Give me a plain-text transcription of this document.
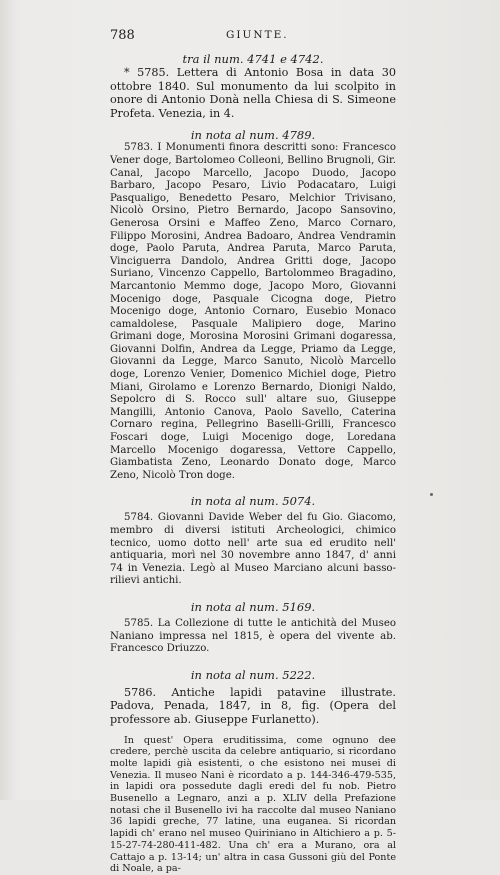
788	GIUNTE.
tra il num. 4741 e 4742.

* 5785. Lettera di Antonio Bosa in data 30 ottobre 1840. Sul monumento da lui scolpito in onore di Antonio Donà nella Chiesa di S. Simeone Profeta. Venezia, in 4.

in nota al num. 4789.

5783. I Monumenti finora descritti sono: Francesco Vener doge, Bartolomeo Colleoni, Bellino Brugnoli, Gir. Canal, Jacopo Marcello, Jacopo Duodo, Jacopo Barbaro, Jacopo Pesaro, Livio Podacataro, Luigi Pasqualigo, Benedetto Pesaro, Melchior Trivisano, Nicolò Orsino, Pietro Bernardo, Jacopo Sansovino, Generosa Orsini e Maffeo Zeno, Marco Cornaro, Filippo Morosini, Andrea Badoaro, Andrea Vendramin doge, Paolo Paruta, Andrea Paruta, Marco Paruta, Vinciguerra Dandolo, Andrea Gritti doge, Jacopo Suriano, Vincenzo Cappello, Bartolommeo Bragadino, Marcantonio Memmo doge, Jacopo Moro, Giovanni Mocenigo doge, Pasquale Cicogna doge, Pietro Mocenigo doge, Antonio Cornaro, Eusebio Monaco camaldolese, Pasquale Malipiero doge, Marino Grimani doge, Morosina Morosini Grimani dogaressa, Giovanni Dolfin, Andrea da Legge, Priamo da Legge, Giovanni da Legge, Marco Sanuto, Nicolò Marcello doge, Lorenzo Venier, Domenico Michiel doge, Pietro Miani, Girolamo e Lorenzo Bernardo, Dionigi Naldo, Sepolcro di S. Rocco sull' altare suo, Giuseppe Mangilli, Antonio Canova, Paolo Savello, Caterina Cornaro regina, Pellegrino Baselli-Grilli, Francesco Foscari doge, Luigi Mocenigo doge, Loredana Marcello Mocenigo dogaressa, Vettore Cappello, Giambatista Zeno, Leonardo Donato doge, Marco Zeno, Nicolò Tron doge.

in nota al num. 5074.

5784. Giovanni Davide Weber del fu Gio. Giacomo, membro di diversi istituti Archeologici, chimico tecnico, uomo dotto nell' arte sua ed erudito nell' antiquaria, morì nel 30 novembre anno 1847, d' anni 74 in Venezia. Legò al Museo Marciano alcuni basso-rilievi antichi.

in nota al num. 5169.

5785. La Collezione di tutte le antichità del Museo Naniano impressa nel 1815, è opera del vivente ab. Francesco Driuzzo.

in nota al num. 5222.

5786. Antiche lapidi patavine illustrate. Padova, Penada, 1847, in 8, fig. (Opera del professore ab. Giuseppe Furlanetto).

In quest' Opera eruditissima, come ognuno dee credere, perchè uscita da celebre antiquario, si ricordano molte lapidi già esistenti, o che esistono nei musei di Venezia. Il museo Nani è ricordato a p. 144-346-479-535, in lapidi ora possedute dagli eredi del fu nob. Pietro Busenello a Legnaro, anzi a p. XLIV della Prefazione notasi che il Busenello ivi ha raccolte dal museo Naniano 36 lapidi greche, 77 latine, una euganea. Si ricordan lapidi ch' erano nel museo Quiriniano in Altichiero a p. 5-15-27-74-280-411-482. Una ch' era a Murano, ora al Cattajo a p. 13-14; un' altra in casa Gussoni giù del Ponte di Noale, a pa-
